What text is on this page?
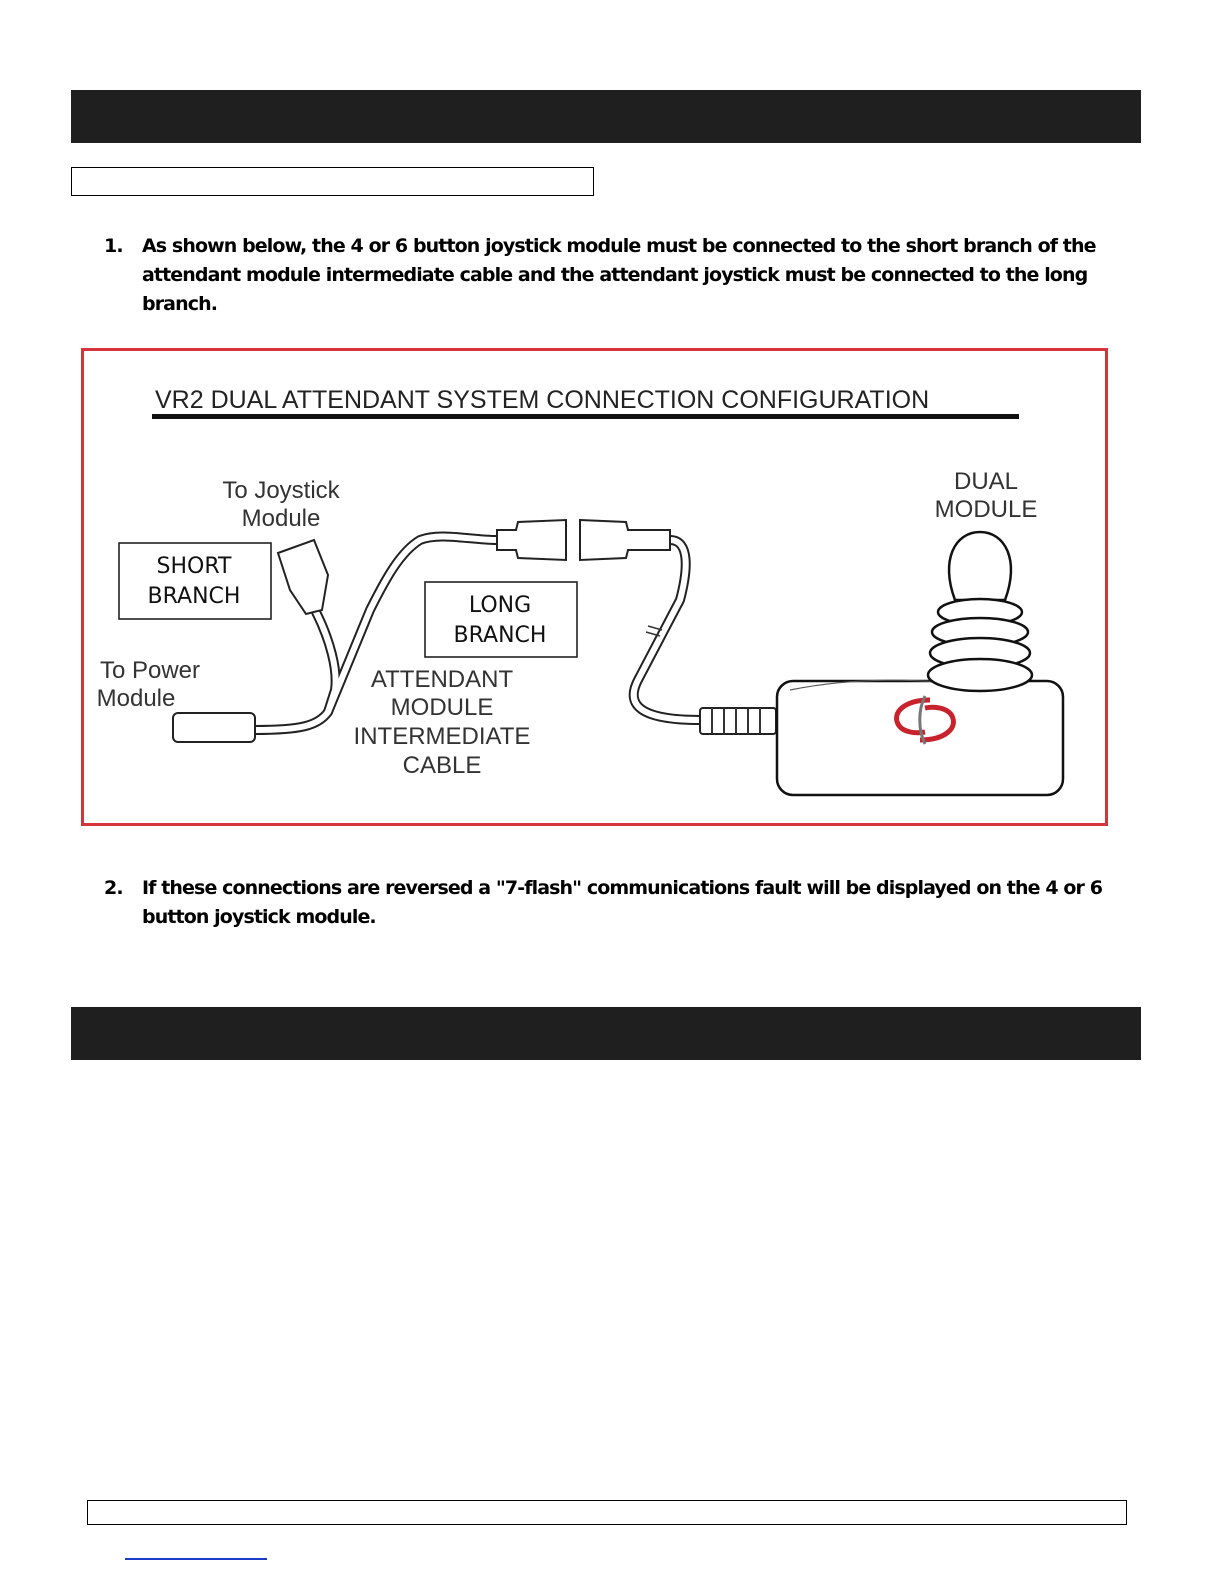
1.	As shown below, the 4 or 6 button joystick module must be connected to the short branch of the attendant module intermediate cable and the attendant joystick must be connected to the long branch.
VR2 DUAL ATTENDANT SYSTEM CONNECTION CONFIGURATION
To Joystick
Module
To Power
Module
ATTENDANT
MODULE
INTERMEDIATE
CABLE
DUAL
MODULE
SHORT
BRANCH	LONG
BRANCH
2.	If these connections are reversed a "7-flash" communications fault will be displayed on the 4 or 6 button joystick module.
